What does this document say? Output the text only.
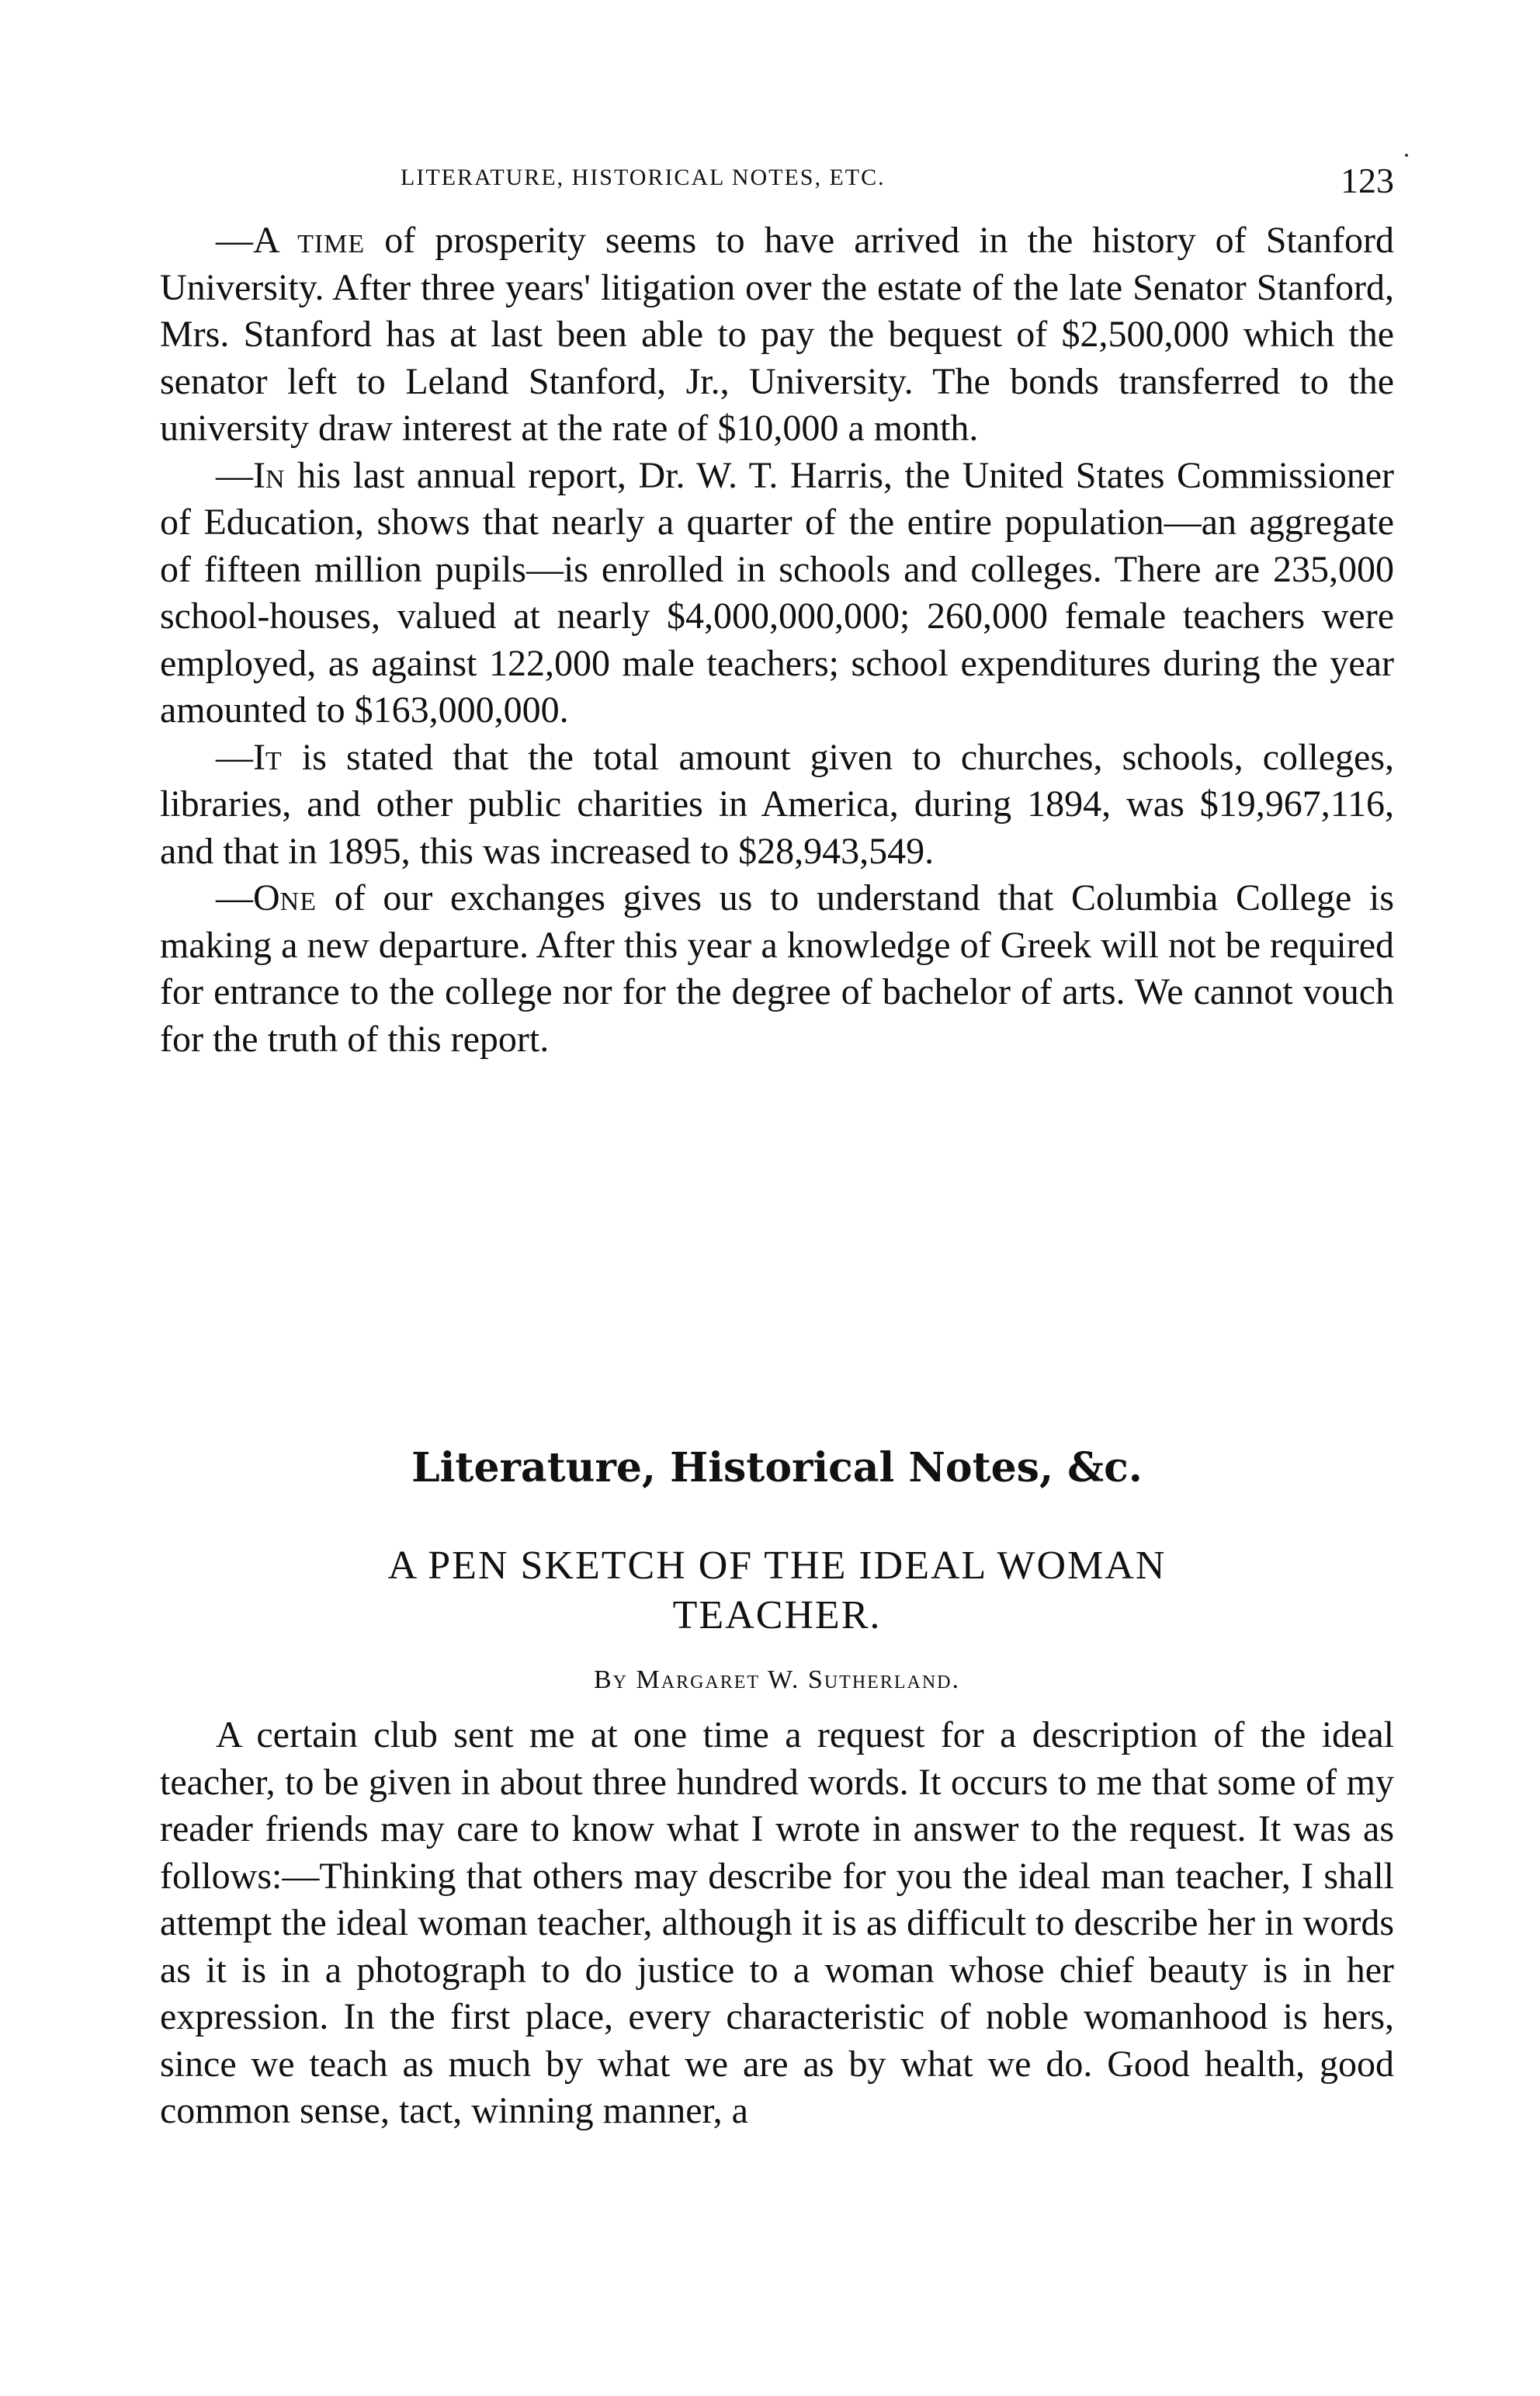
LITERATURE, HISTORICAL NOTES, ETC.	123

—A time of prosperity seems to have arrived in the history of Stanford University. After three years' litigation over the estate of the late Senator Stanford, Mrs. Stanford has at last been able to pay the bequest of $2,500,000 which the senator left to Leland Stanford, Jr., University. The bonds transferred to the university draw interest at the rate of $10,000 a month.

—In his last annual report, Dr. W. T. Harris, the United States Commissioner of Education, shows that nearly a quarter of the entire population—an aggregate of fifteen million pupils—is enrolled in schools and colleges. There are 235,000 school-houses, valued at nearly $4,000,000,000; 260,000 female teachers were employed, as against 122,000 male teachers; school expenditures during the year amounted to $163,000,000.

—It is stated that the total amount given to churches, schools, colleges, libraries, and other public charities in America, during 1894, was $19,967,116, and that in 1895, this was increased to $28,943,549.

—One of our exchanges gives us to understand that Columbia College is making a new departure. After this year a knowledge of Greek will not be required for entrance to the college nor for the degree of bachelor of arts. We cannot vouch for the truth of this report.

Literature, Historical Notes, &c.
A PEN SKETCH OF THE IDEAL WOMAN
TEACHER.
By Margaret W. Sutherland.

A certain club sent me at one time a request for a description of the ideal teacher, to be given in about three hundred words. It occurs to me that some of my reader friends may care to know what I wrote in answer to the request. It was as follows:—Thinking that others may describe for you the ideal man teacher, I shall attempt the ideal woman teacher, although it is as difficult to describe her in words as it is in a photograph to do justice to a woman whose chief beauty is in her expression. In the first place, every characteristic of noble womanhood is hers, since we teach as much by what we are as by what we do. Good health, good common sense, tact, winning manner, a
